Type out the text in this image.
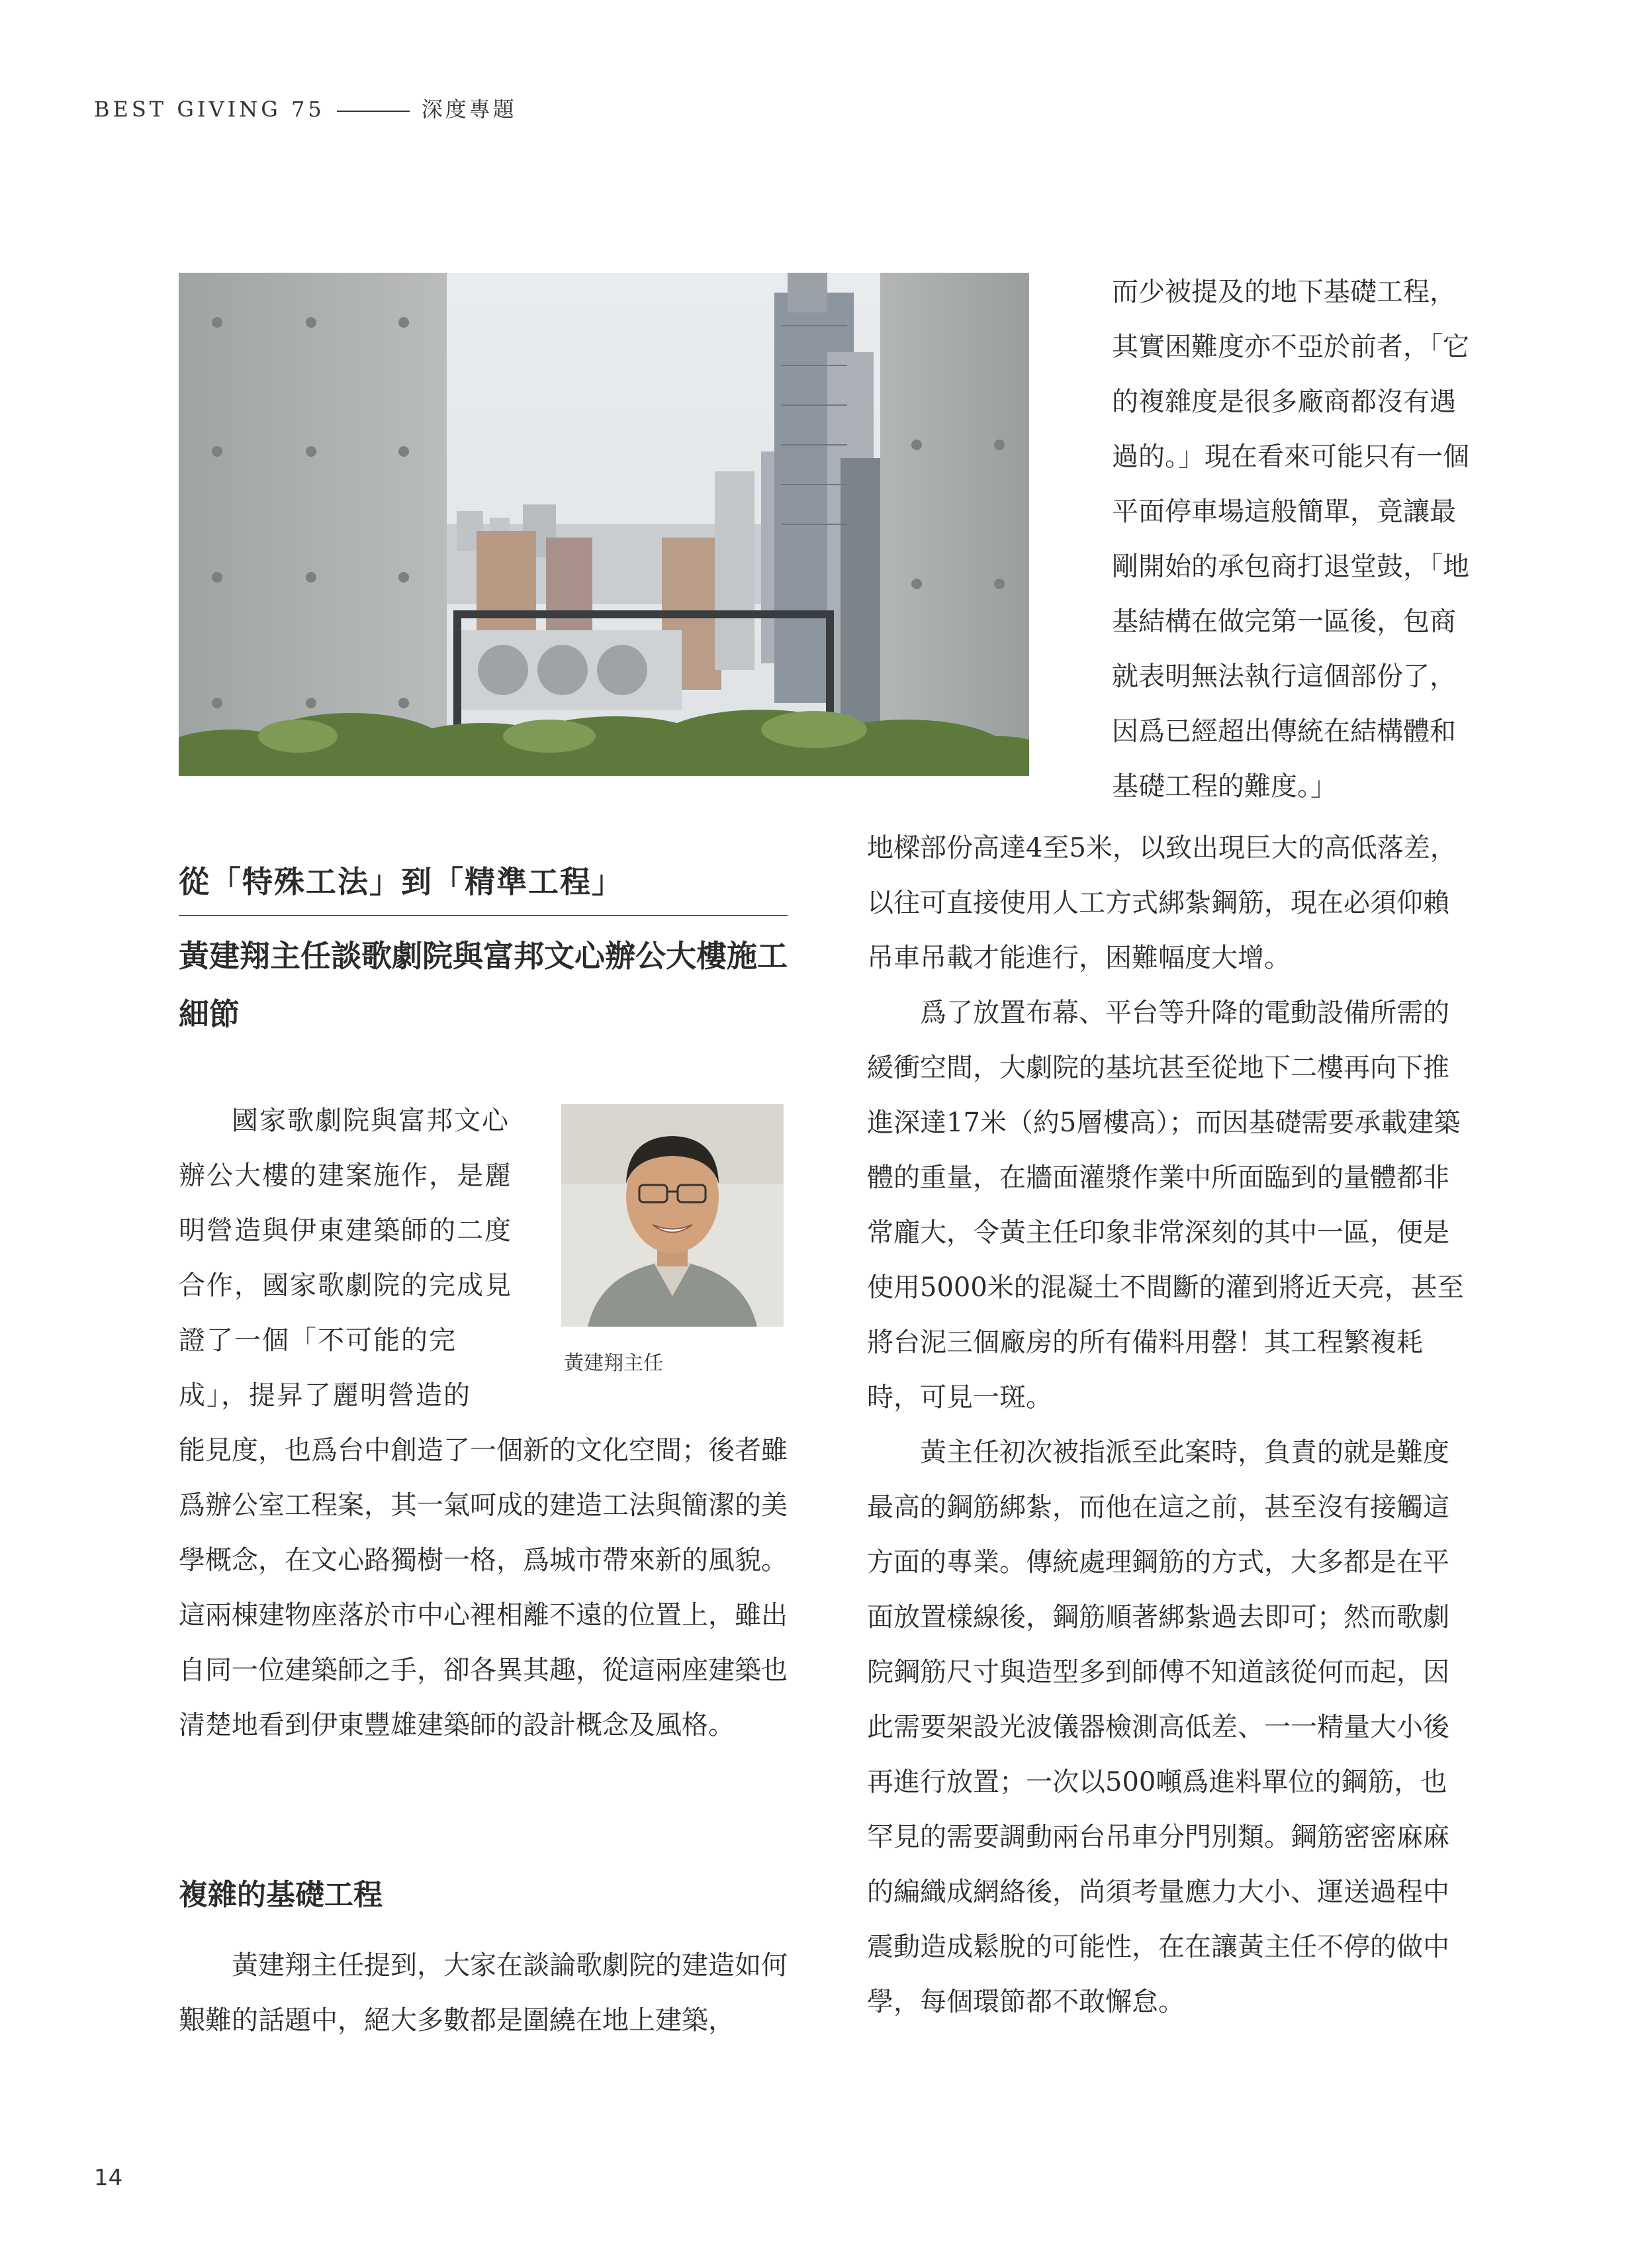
BEST GIVING 75	深度專題

而少被提及的地下基礎工程，其實困難度亦不亞於前者，「它的複雜度是很多廠商都沒有遇過的。」現在看來可能只有一個平面停車場這般簡單，竟讓最剛開始的承包商打退堂鼓，「地基結構在做完第一區後，包商就表明無法執行這個部份了，因爲已經超出傳統在結構體和基礎工程的難度。」

從「特殊工法」到「精準工程」
黃建翔主任談歌劇院與富邦文心辦公大樓施工細節

國家歌劇院與富邦文心辦公大樓的建案施作，是麗明營造與伊東建築師的二度合作，國家歌劇院的完成見證了一個「不可能的完成」，提昇了麗明營造的

黃建翔主任

能見度，也爲台中創造了一個新的文化空間；後者雖爲辦公室工程案，其一氣呵成的建造工法與簡潔的美學概念，在文心路獨樹一格，爲城市帶來新的風貌。這兩棟建物座落於市中心裡相離不遠的位置上，雖出自同一位建築師之手，卻各異其趣，從這兩座建築也清楚地看到伊東豐雄建築師的設計概念及風格。

複雜的基礎工程

黃建翔主任提到，大家在談論歌劇院的建造如何艱難的話題中，絕大多數都是圍繞在地上建築，

地樑部份高達4至5米，以致出現巨大的高低落差，以往可直接使用人工方式綁紮鋼筋，現在必須仰賴吊車吊載才能進行，困難幅度大增。

爲了放置布幕、平台等升降的電動設備所需的緩衝空間，大劇院的基坑甚至從地下二樓再向下推進深達17米（約5層樓高）；而因基礎需要承載建築體的重量，在牆面灌漿作業中所面臨到的量體都非常龐大，令黃主任印象非常深刻的其中一區，便是使用5000米的混凝土不間斷的灌到將近天亮，甚至將台泥三個廠房的所有備料用罄！其工程繁複耗時，可見一斑。

黃主任初次被指派至此案時，負責的就是難度最高的鋼筋綁紮，而他在這之前，甚至沒有接觸這方面的專業。傳統處理鋼筋的方式，大多都是在平面放置樣線後，鋼筋順著綁紮過去即可；然而歌劇院鋼筋尺寸與造型多到師傅不知道該從何而起，因此需要架設光波儀器檢測高低差、一一精量大小後再進行放置；一次以500噸爲進料單位的鋼筋，也罕見的需要調動兩台吊車分門別類。鋼筋密密麻麻的編織成網絡後，尚須考量應力大小、運送過程中震動造成鬆脫的可能性，在在讓黃主任不停的做中學，每個環節都不敢懈怠。

14
